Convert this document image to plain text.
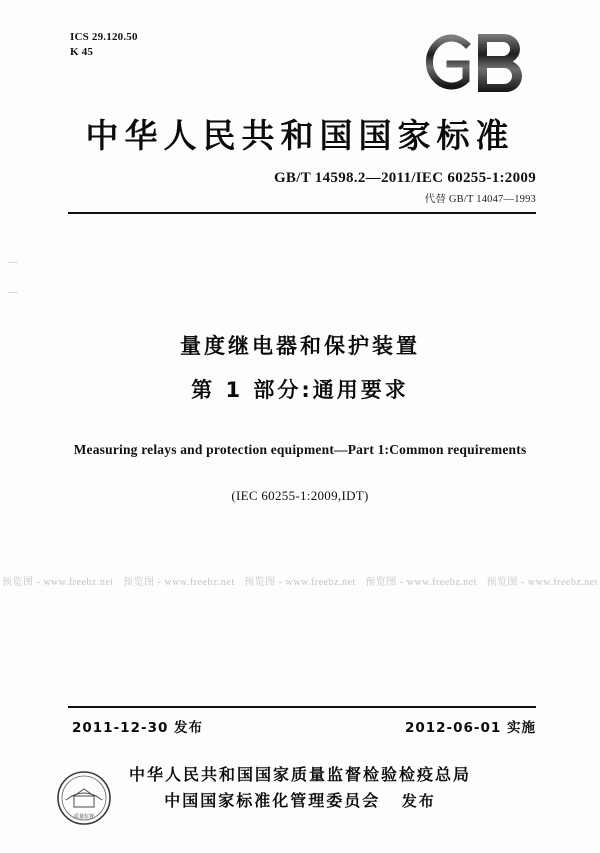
ICS 29.120.50
K 45
中华人民共和国国家标准
GB/T 14598.2—2011/IEC 60255-1:2009
代替 GB/T 14047—1993
量度继电器和保护装置
第 1 部分:通用要求
Measuring relays and protection equipment—Part 1:Common requirements
(IEC 60255-1:2009,IDT)
预览图 - www.freebz.net 预览图 - www.freebz.net 预览图 - www.freebz.net 预览图 - www.freebz.net 预览图 - www.freebz.net
2011-12-30 发布	2012-06-01 实施
质量监督
中华人民共和国国家质量监督检验检疫总局
中国国家标准化管理委员会 发布
